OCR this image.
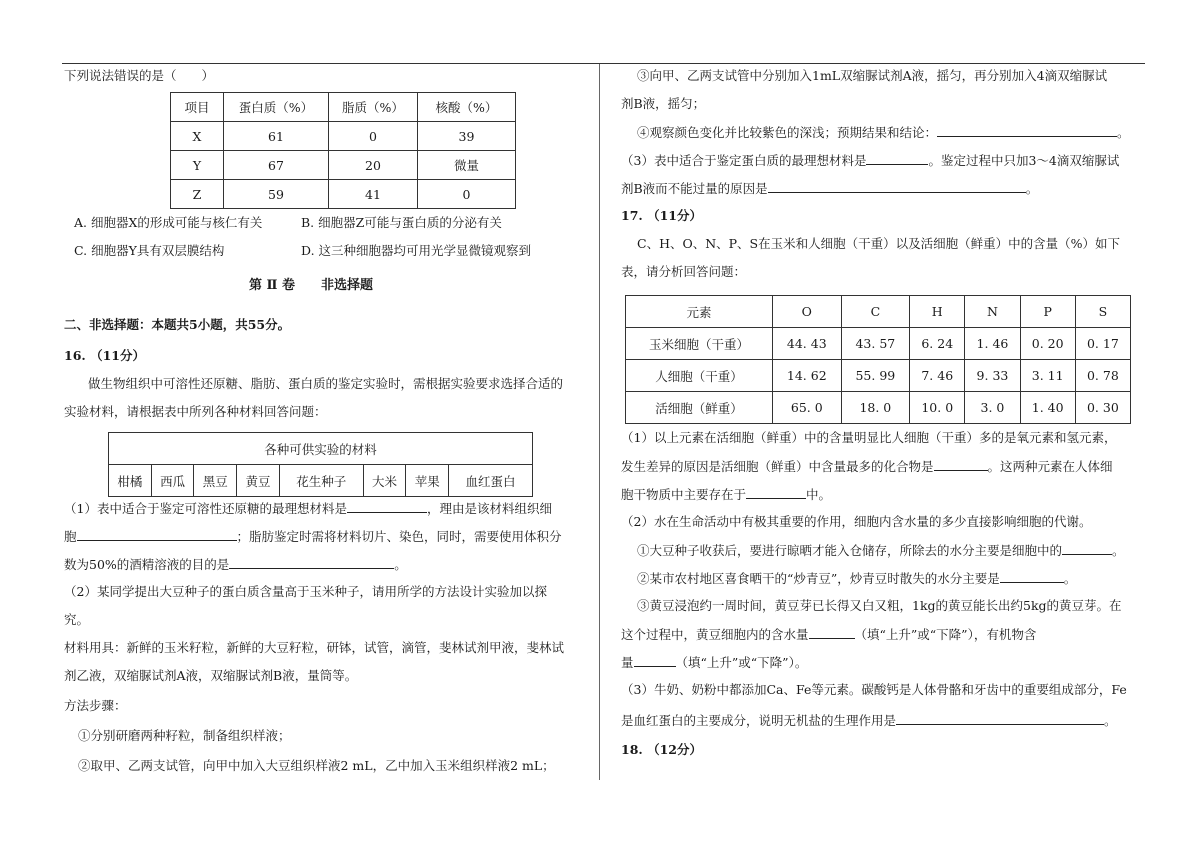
下列说法错误的是（　　）
项目	蛋白质（%）	脂质（%）	核酸（%）
X	61	0	39
Y	67	20	微量
Z	59	41	0
A. 细胞器X的形成可能与核仁有关	B. 细胞器Z可能与蛋白质的分泌有关
C. 细胞器Y具有双层膜结构	D. 这三种细胞器均可用光学显微镜观察到
第 Ⅱ 卷　　非选择题
二、非选择题：本题共5小题，共55分。
16. （11分）
做生物组织中可溶性还原糖、脂肪、蛋白质的鉴定实验时，需根据实验要求选择合适的
实验材料，请根据表中所列各种材料回答问题：
各种可供实验的材料
柑橘	西瓜	黑豆	黄豆	花生种子	大米	苹果	血红蛋白
（1）表中适合于鉴定可溶性还原糖的最理想材料是	，理由是该材料组织细
胞	；脂肪鉴定时需将材料切片、染色，同时，需要使用体积分
数为50%的酒精溶液的目的是	。
（2）某同学提出大豆种子的蛋白质含量高于玉米种子，请用所学的方法设计实验加以探
究。
材料用具：新鲜的玉米籽粒，新鲜的大豆籽粒，研钵，试管，滴管，斐林试剂甲液，斐林试
剂乙液，双缩脲试剂A液，双缩脲试剂B液，量筒等。
方法步骤：
①分别研磨两种籽粒，制备组织样液；
②取甲、乙两支试管，向甲中加入大豆组织样液2 mL，乙中加入玉米组织样液2 mL；
③向甲、乙两支试管中分别加入1mL双缩脲试剂A液，摇匀，再分别加入4滴双缩脲试
剂B液，摇匀；
④观察颜色变化并比较紫色的深浅；预期结果和结论：	。
（3）表中适合于鉴定蛋白质的最理想材料是	。鉴定过程中只加3～4滴双缩脲试
剂B液而不能过量的原因是	。
17. （11分）
C、H、O、N、P、S在玉米和人细胞（干重）以及活细胞（鲜重）中的含量（%）如下
表，请分析回答问题：
元素	O	C	H	N	P	S
玉米细胞（干重）	44. 43	43. 57	6. 24	1. 46	0. 20	0. 17
人细胞（干重）	14. 62	55. 99	7. 46	9. 33	3. 11	0. 78
活细胞（鲜重）	65. 0	18. 0	10. 0	3. 0	1. 40	0. 30
（1）以上元素在活细胞（鲜重）中的含量明显比人细胞（干重）多的是氧元素和氢元素，
发生差异的原因是活细胞（鲜重）中含量最多的化合物是	。这两种元素在人体细
胞干物质中主要存在于	中。
（2）水在生命活动中有极其重要的作用，细胞内含水量的多少直接影响细胞的代谢。
①大豆种子收获后，要进行晾晒才能入仓储存，所除去的水分主要是细胞中的	。
②某市农村地区喜食晒干的“炒青豆”，炒青豆时散失的水分主要是	。
③黄豆浸泡约一周时间，黄豆芽已长得又白又粗，1kg的黄豆能长出约5kg的黄豆芽。在
这个过程中，黄豆细胞内的含水量	（填“上升”或“下降”），有机物含
量	（填“上升”或“下降”）。
（3）牛奶、奶粉中都添加Ca、Fe等元素。碳酸钙是人体骨骼和牙齿中的重要组成部分，Fe
是血红蛋白的主要成分，说明无机盐的生理作用是	。
18. （12分）
